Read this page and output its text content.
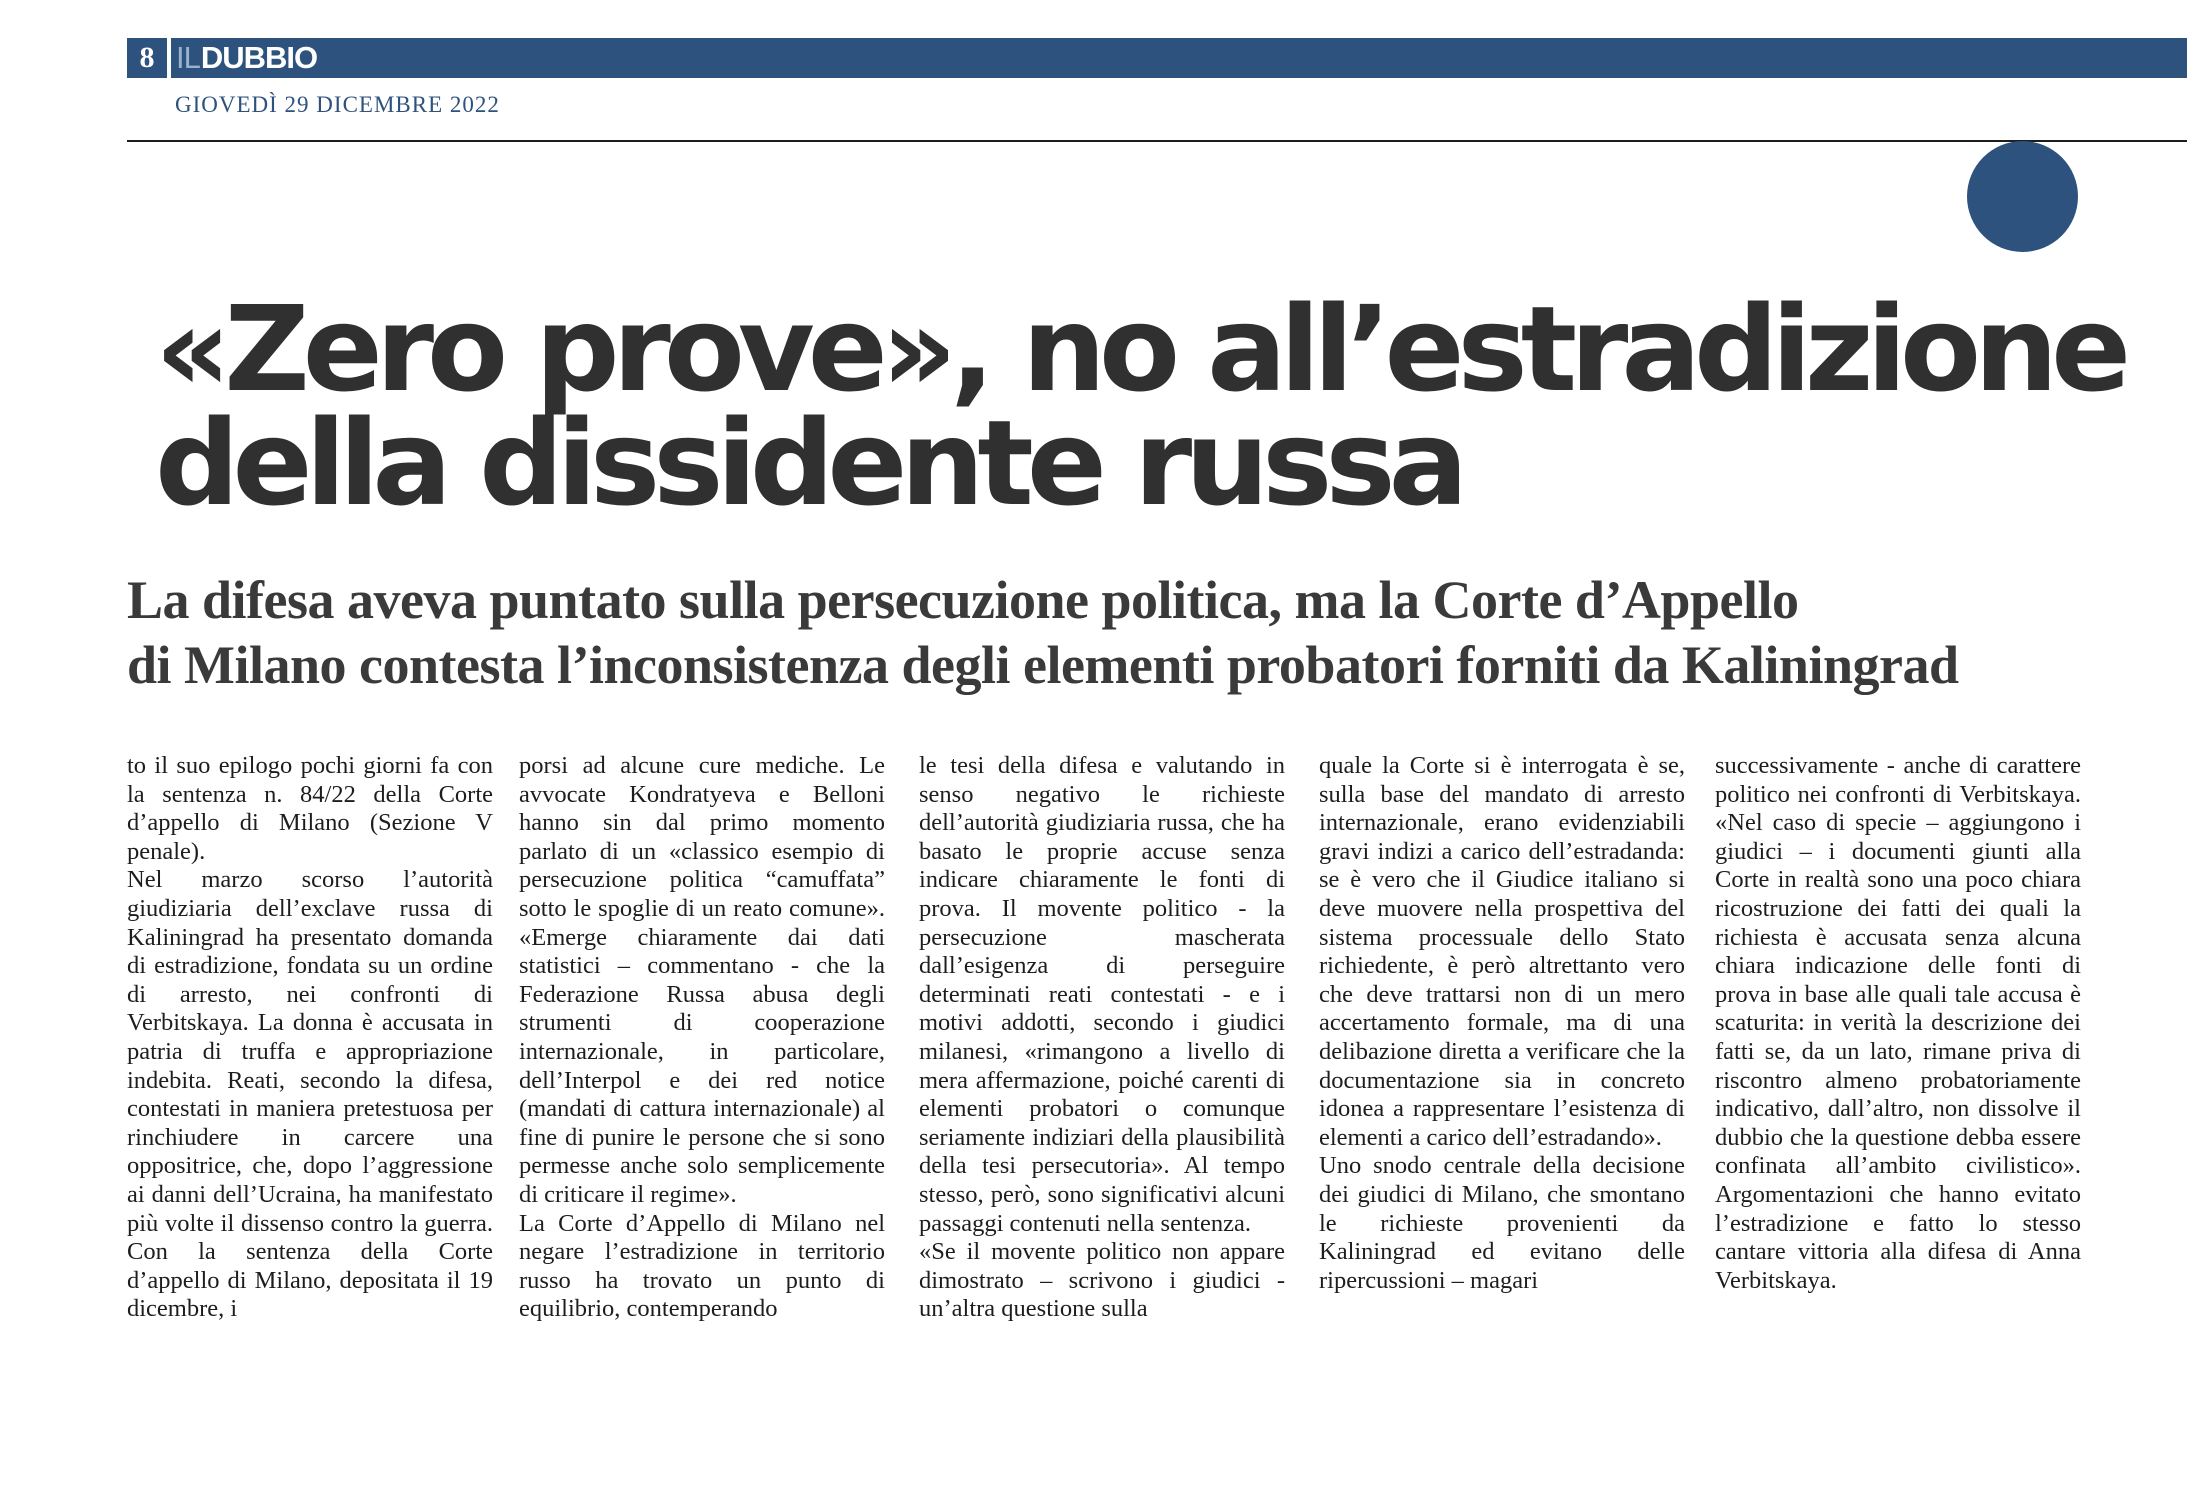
8 ILDUBBIO
GIOVEDÌ 29 DICEMBRE 2022
«Zero prove», no all’estradizione
della dissidente russa
La difesa aveva puntato sulla persecuzione politica, ma la Corte d’Appello
di Milano contesta l’inconsistenza degli elementi probatori forniti da Kaliningrad

to il suo epilogo pochi giorni fa con la sentenza n. 84/22 della Corte d’appello di Milano (Sezione V penale).

Nel marzo scorso l’autorità giudiziaria dell’exclave russa di Kaliningrad ha presentato domanda di estradizione, fondata su un ordine di arresto, nei confronti di Verbitskaya. La donna è accusata in patria di truffa e appropriazione indebita. Reati, secondo la difesa, contestati in maniera pretestuosa per rinchiudere in carcere una oppositrice, che, dopo l’aggressione ai danni dell’Ucraina, ha manifestato più volte il dissenso contro la guerra. Con la sentenza della Corte d’appello di Milano, depositata il 19 dicembre, i

porsi ad alcune cure mediche. Le avvocate Kondratyeva e Belloni hanno sin dal primo momento parlato di un «classico esempio di persecuzione politica “camuffata” sotto le spoglie di un reato comune». «Emerge chiaramente dai dati statistici – commentano - che la Federazione Russa abusa degli strumenti di cooperazione internazionale, in particolare, dell’Interpol e dei red notice (mandati di cattura internazionale) al fine di punire le persone che si sono permesse anche solo semplicemente di criticare il regime».

La Corte d’Appello di Milano nel negare l’estradizione in territorio russo ha trovato un punto di equilibrio, contemperando

le tesi della difesa e valutando in senso negativo le richieste dell’autorità giudiziaria russa, che ha basato le proprie accuse senza indicare chiaramente le fonti di prova. Il movente politico - la persecuzione mascherata dall’esigenza di perseguire determinati reati contestati - e i motivi addotti, secondo i giudici milanesi, «rimangono a livello di mera affermazione, poiché carenti di elementi probatori o comunque seriamente indiziari della plausibilità della tesi persecutoria». Al tempo stesso, però, sono significativi alcuni passaggi contenuti nella sentenza.

«Se il movente politico non appare dimostrato – scrivono i giudici - un’altra questione sulla

quale la Corte si è interrogata è se, sulla base del mandato di arresto internazionale, erano evidenziabili gravi indizi a carico dell’estradanda: se è vero che il Giudice italiano si deve muovere nella prospettiva del sistema processuale dello Stato richiedente, è però altrettanto vero che deve trattarsi non di un mero accertamento formale, ma di una delibazione diretta a verificare che la documentazione sia in concreto idonea a rappresentare l’esistenza di elementi a carico dell’estradando».

Uno snodo centrale della decisione dei giudici di Milano, che smontano le richieste provenienti da Kaliningrad ed evitano delle ripercussioni – magari

successivamente - anche di carattere politico nei confronti di Verbitskaya. «Nel caso di specie – aggiungono i giudici – i documenti giunti alla Corte in realtà sono una poco chiara ricostruzione dei fatti dei quali la richiesta è accusata senza alcuna chiara indicazione delle fonti di prova in base alle quali tale accusa è scaturita: in verità la descrizione dei fatti se, da un lato, rimane priva di riscontro almeno probatoriamente indicativo, dall’altro, non dissolve il dubbio che la questione debba essere confinata all’ambito civilistico». Argomentazioni che hanno evitato l’estradizione e fatto lo stesso cantare vittoria alla difesa di Anna Verbitskaya.
